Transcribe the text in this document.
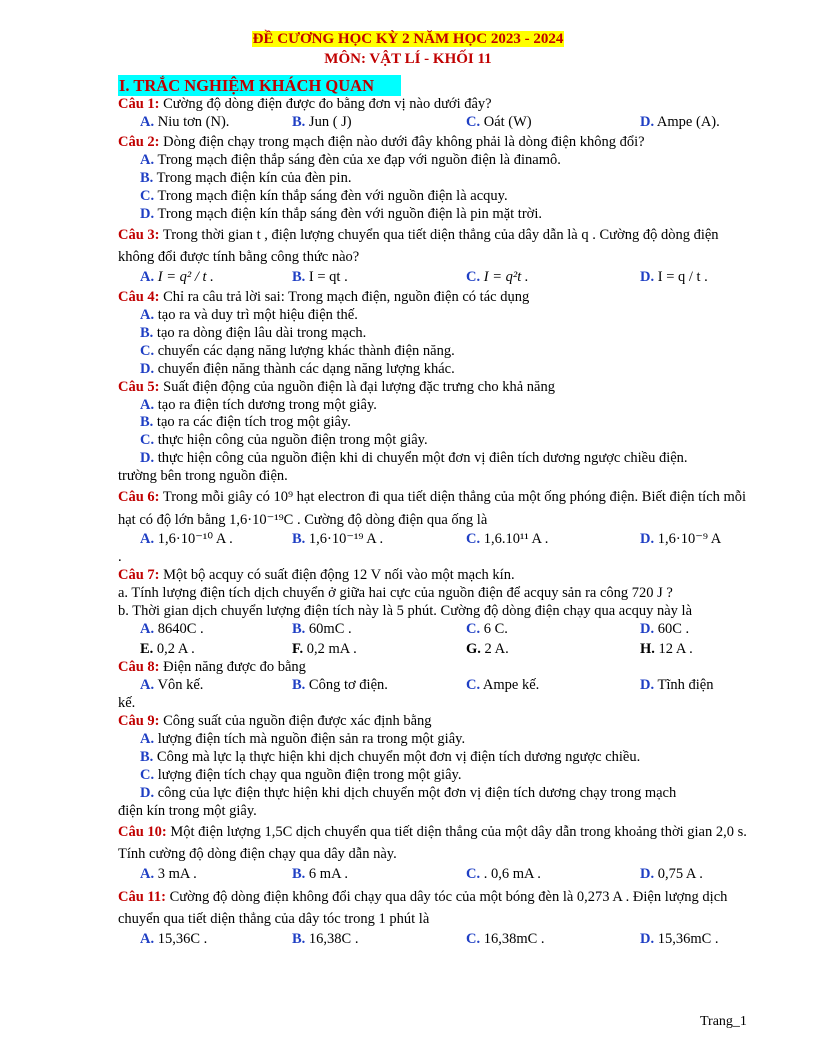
ĐỀ CƯƠNG HỌC KỲ 2 NĂM HỌC 2023 - 2024
MÔN: VẬT LÍ - KHỐI 11
I. TRẮC NGHIỆM KHÁCH QUAN
Câu 1: Cường độ dòng điện được đo bằng đơn vị nào dưới đây?
A. Niu tơn (N).	B. Jun ( J)	C. Oát (W)	D. Ampe (A).
Câu 2: Dòng điện chạy trong mạch điện nào dưới đây không phải là dòng điện không đổi?
A. Trong mạch điện thắp sáng đèn của xe đạp với nguồn điện là đinamô.
B. Trong mạch điện kín của đèn pin.
C. Trong mạch điện kín thắp sáng đèn với nguồn điện là acquy.
D. Trong mạch điện kín thắp sáng đèn với nguồn điện là pin mặt trời.
Câu 3: Trong thời gian t , điện lượng chuyển qua tiết diện thẳng của dây dẫn là q . Cường độ dòng điện không đổi được tính bằng công thức nào?
A. I = q² / t .	B. I = qt .	C. I = q²t .	D. I = q / t .
Câu 4: Chỉ ra câu trả lời sai: Trong mạch điện, nguồn điện có tác dụng
A. tạo ra và duy trì một hiệu điện thế.
B. tạo ra dòng điện lâu dài trong mạch.
C. chuyển các dạng năng lượng khác thành điện năng.
D. chuyển điện năng thành các dạng năng lượng khác.
Câu 5: Suất điện động của nguồn điện là đại lượng đặc trưng cho khả năng
A. tạo ra điện tích dương trong một giây.
B. tạo ra các điện tích trog một giây.
C. thực hiện công của nguồn điện trong một giây.
D. thực hiện công của nguồn điện khi di chuyển một đơn vị điên tích dương ngược chiều điện.
trường bên trong nguồn điện.
Câu 6: Trong mỗi giây có 10⁹ hạt electron đi qua tiết diện thẳng của một ống phóng điện. Biết điện tích mỗi hạt có độ lớn bằng 1,6·10⁻¹⁹C . Cường độ dòng điện qua ống là
A. 1,6·10⁻¹⁰ A .	B. 1,6·10⁻¹⁹ A .	C. 1,6.10¹¹ A .	D. 1,6·10⁻⁹ A
.
Câu 7: Một bộ acquy có suất điện động 12 V nối vào một mạch kín.
a. Tính lượng điện tích dịch chuyển ở giữa hai cực của nguồn điện để acquy sản ra công 720 J ?
b. Thời gian dịch chuyển lượng điện tích này là 5 phút. Cường độ dòng điện chạy qua acquy này là
A. 8640C .	B. 60mC .	C. 6 C.	D. 60C .
E. 0,2 A .	F. 0,2 mA .	G. 2 A.	H. 12 A .
Câu 8: Điện năng được đo bằng
A. Vôn kế.	B. Công tơ điện.	C. Ampe kế.	D. Tĩnh điện
kế.
Câu 9: Công suất của nguồn điện được xác định bằng
A. lượng điện tích mà nguồn điện sản ra trong một giây.
B. Công mà lực lạ thực hiện khi dịch chuyển một đơn vị điện tích dương ngược chiều.
C. lượng điện tích chạy qua nguồn điện trong một giây.
D. công của lực điện thực hiện khi dịch chuyển một đơn vị điện tích dương chạy trong mạch
điện kín trong một giây.
Câu 10: Một điện lượng 1,5C dịch chuyển qua tiết diện thẳng của một dây dẫn trong khoảng thời gian 2,0 s. Tính cường độ dòng điện chạy qua dây dẫn này.
A. 3 mA .	B. 6 mA .	C. . 0,6 mA .	D. 0,75 A .
Câu 11: Cường độ dòng điện không đổi chạy qua dây tóc của một bóng đèn là 0,273 A . Điện lượng dịch chuyển qua tiết diện thẳng của dây tóc trong 1 phút là
A. 15,36C .	B. 16,38C .	C. 16,38mC .	D. 15,36mC .
Trang_1
